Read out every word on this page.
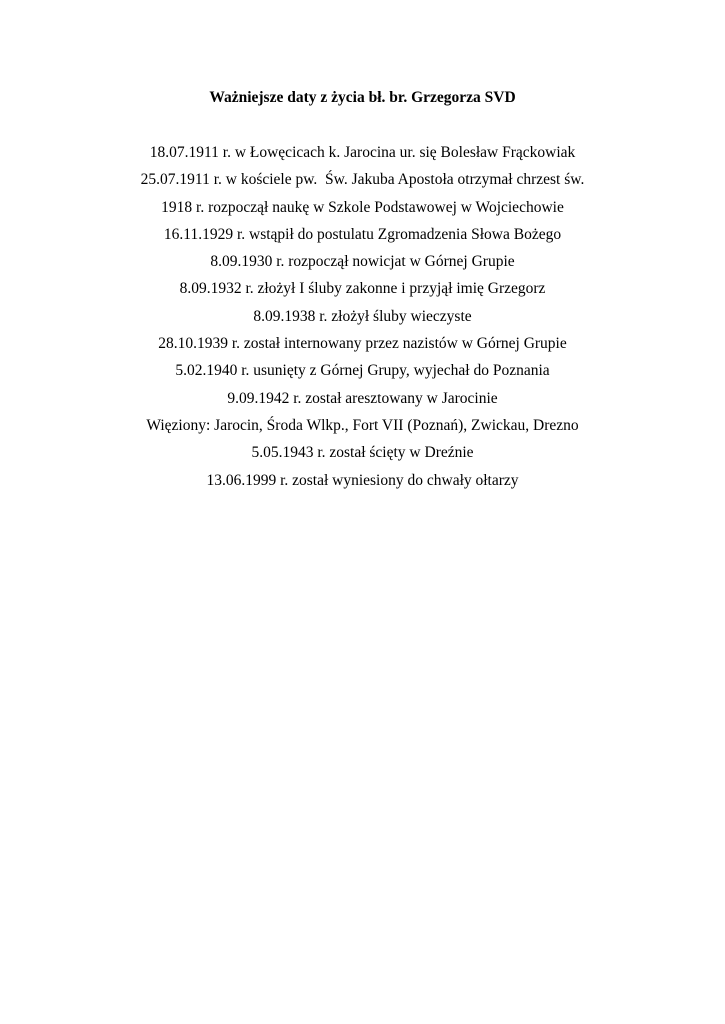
Ważniejsze daty z życia bł. br. Grzegorza SVD
18.07.1911 r. w Łowęcicach k. Jarocina ur. się Bolesław Frąckowiak
25.07.1911 r. w kościele pw.  Św. Jakuba Apostoła otrzymał chrzest św.
1918 r. rozpoczął naukę w Szkole Podstawowej w Wojciechowie
16.11.1929 r. wstąpił do postulatu Zgromadzenia Słowa Bożego
8.09.1930 r. rozpoczął nowicjat w Górnej Grupie
8.09.1932 r. złożył I śluby zakonne i przyjął imię Grzegorz
8.09.1938 r. złożył śluby wieczyste
28.10.1939 r. został internowany przez nazistów w Górnej Grupie
5.02.1940 r. usunięty z Górnej Grupy, wyjechał do Poznania
9.09.1942 r. został aresztowany w Jarocinie
Więziony: Jarocin, Środa Wlkp., Fort VII (Poznań), Zwickau, Drezno
5.05.1943 r. został ścięty w Dreźnie
13.06.1999 r. został wyniesiony do chwały ołtarzy
